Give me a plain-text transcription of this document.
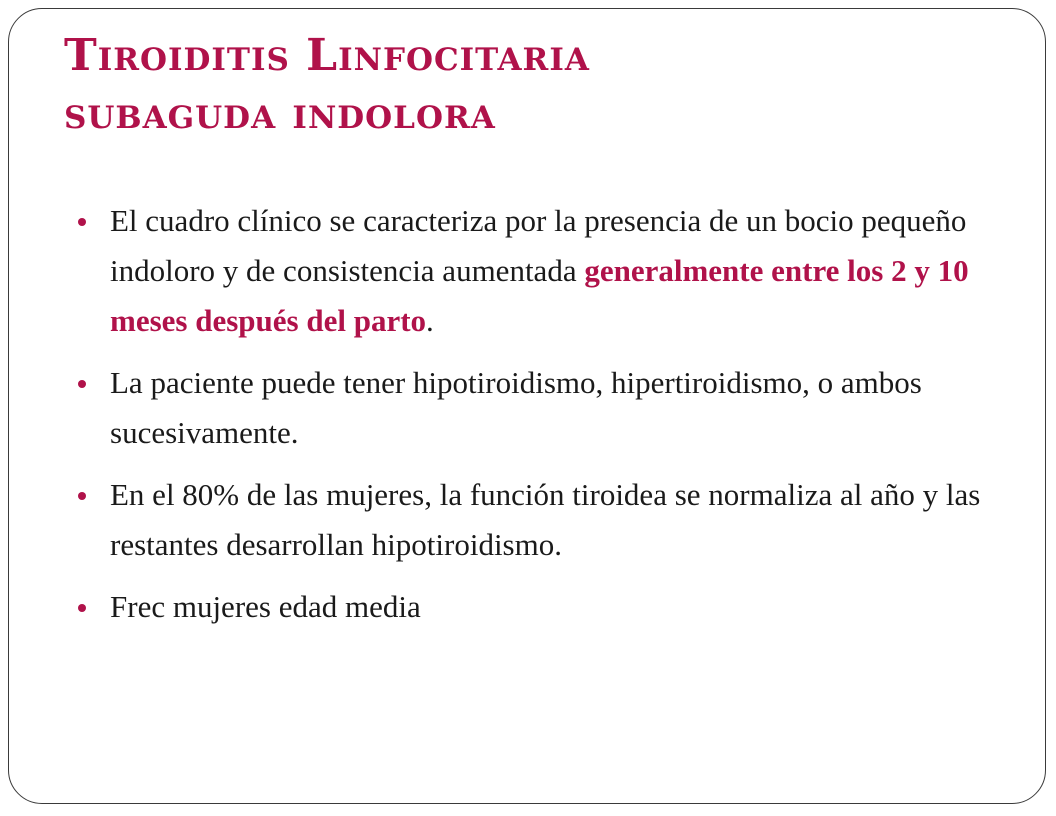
Tiroiditis Linfocitaria
subaguda indolora
El cuadro clínico se caracteriza por la presencia de un bocio pequeño indoloro y de consistencia aumentada generalmente entre los 2 y 10 meses después del parto.
La paciente puede tener hipotiroidismo, hipertiroidismo, o ambos sucesivamente.
En el 80% de las mujeres, la función tiroidea se normaliza al año y las restantes desarrollan hipotiroidismo.
Frec mujeres edad media
